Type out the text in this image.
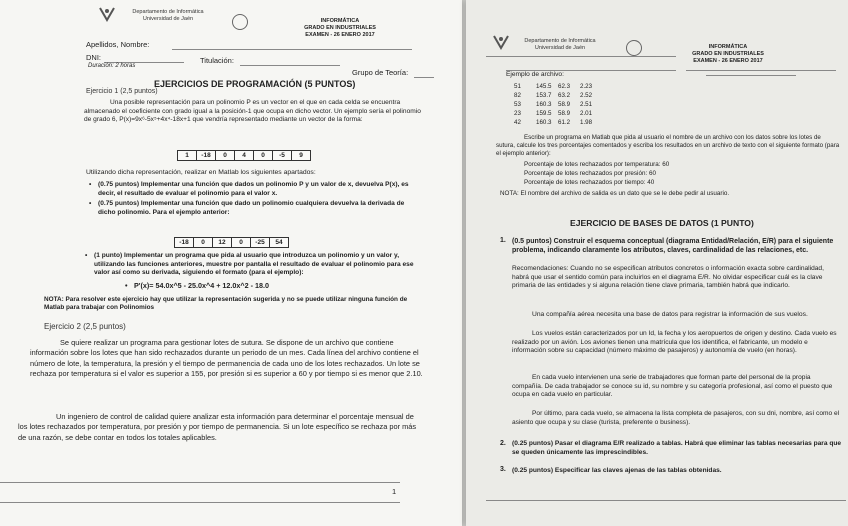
Departamento de Informática
Universidad de Jaén	INFORMÁTICA
GRADO EN INDUSTRIALES
EXAMEN - 26 ENERO 2017
Apellidos, Nombre:
DNI:	Titulación:
Duración: 2 horas
Grupo de Teoría:
EJERCICIOS DE PROGRAMACIÓN (5 PUNTOS)
Ejercicio 1 (2,5 puntos)
Una posible representación para un polinomio P es un vector en el que en cada celda se encuentra almacenado el coeficiente con grado igual a la posición-1 que ocupa en dicho vector. Un ejemplo sería el polinomio de grado 6, P(x)=9x⁶-5x⁵+4x⁴-18x+1 que vendría representado mediante un vector de la forma:
1	-18	0	4	0	-5	9
Utilizando dicha representación, realizar en Matlab los siguientes apartados:
• (0.75 puntos) Implementar una función que dados un polinomio P y un valor de x, devuelva P(x), es decir, el resultado de evaluar el polinomio para el valor x.
• (0.75 puntos) Implementar una función que dado un polinomio cualquiera devuelva la derivada de dicho polinomio. Para el ejemplo anterior:
-18	0	12	0	-25	54
• (1 punto) Implementar un programa que pida al usuario que introduzca un polinomio y un valor y, utilizando las funciones anteriores, muestre por pantalla el resultado de evaluar el polinomio para ese valor así como su derivada, siguiendo el formato (para el ejemplo):
• P'(x)= 54.0x^5 - 25.0x^4 + 12.0x^2 - 18.0
NOTA: Para resolver este ejercicio hay que utilizar la representación sugerida y no se puede utilizar ninguna función de Matlab para trabajar con Polinomios
Ejercicio 2 (2,5 puntos)
Se quiere realizar un programa para gestionar lotes de sutura. Se dispone de un archivo que contiene información sobre los lotes que han sido rechazados durante un periodo de un mes. Cada línea del archivo contiene el número de lote, la temperatura, la presión y el tiempo de permanencia de cada uno de los lotes rechazados. Un lote se rechaza por temperatura si el valor es superior a 155, por presión si es superior a 60 y por tiempo si es menor que 2.10.
Un ingeniero de control de calidad quiere analizar esta información para determinar el porcentaje mensual de los lotes rechazados por temperatura, por presión y por tiempo de permanencia. Si un lote específico se rechaza por más de una razón, se debe contar en todos los totales aplicables.
1
Departamento de Informática
Universidad de Jaén	INFORMÁTICA
GRADO EN INDUSTRIALES
EXAMEN - 26 ENERO 2017
Ejemplo de archivo:
51 145.5 62.3 2.23
82 153.7 63.2 2.52
53 160.3 58.9 2.51
23 159.5 58.9 2.01
42 160.3 61.2 1.98
Escribe un programa en Matlab que pida al usuario el nombre de un archivo con los datos sobre los lotes de sutura, calcule los tres porcentajes comentados y escriba los resultados en un archivo de texto con el siguiente formato (para el ejemplo anterior):
Porcentaje de lotes rechazados por temperatura: 60
Porcentaje de lotes rechazados por presión: 60
Porcentaje de lotes rechazados por tiempo: 40
NOTA: El nombre del archivo de salida es un dato que se le debe pedir al usuario.
EJERCICIO DE BASES DE DATOS (1 PUNTO)
1. (0.5 puntos) Construir el esquema conceptual (diagrama Entidad/Relación, E/R) para el siguiente problema, indicando claramente los atributos, claves, cardinalidad de las relaciones, etc.
Recomendaciones: Cuando no se especifican atributos concretos o información exacta sobre cardinalidad, habrá que usar el sentido común para incluirlos en el diagrama E/R. No olvidar especificar cuál es la clave primaria de las entidades y si alguna relación tiene clave primaria, también habrá que indicarlo.
Una compañía aérea necesita una base de datos para registrar la información de sus vuelos.
Los vuelos están caracterizados por un Id, la fecha y los aeropuertos de origen y destino. Cada vuelo es realizado por un avión. Los aviones tienen una matrícula que los identifica, el fabricante, un modelo e información sobre su capacidad (número máximo de pasajeros) y autonomía de vuelo (en horas).
En cada vuelo intervienen una serie de trabajadores que forman parte del personal de la propia compañía. De cada trabajador se conoce su id, su nombre y su categoría profesional, así como el puesto que ocupa en cada vuelo en particular.
Por último, para cada vuelo, se almacena la lista completa de pasajeros, con su dni, nombre, así como el asiento que ocupa y su clase (turista, preferente o business).
2. (0.25 puntos) Pasar el diagrama E/R realizado a tablas. Habrá que eliminar las tablas necesarias para que se queden únicamente las imprescindibles.
3. (0.25 puntos) Especificar las claves ajenas de las tablas obtenidas.
